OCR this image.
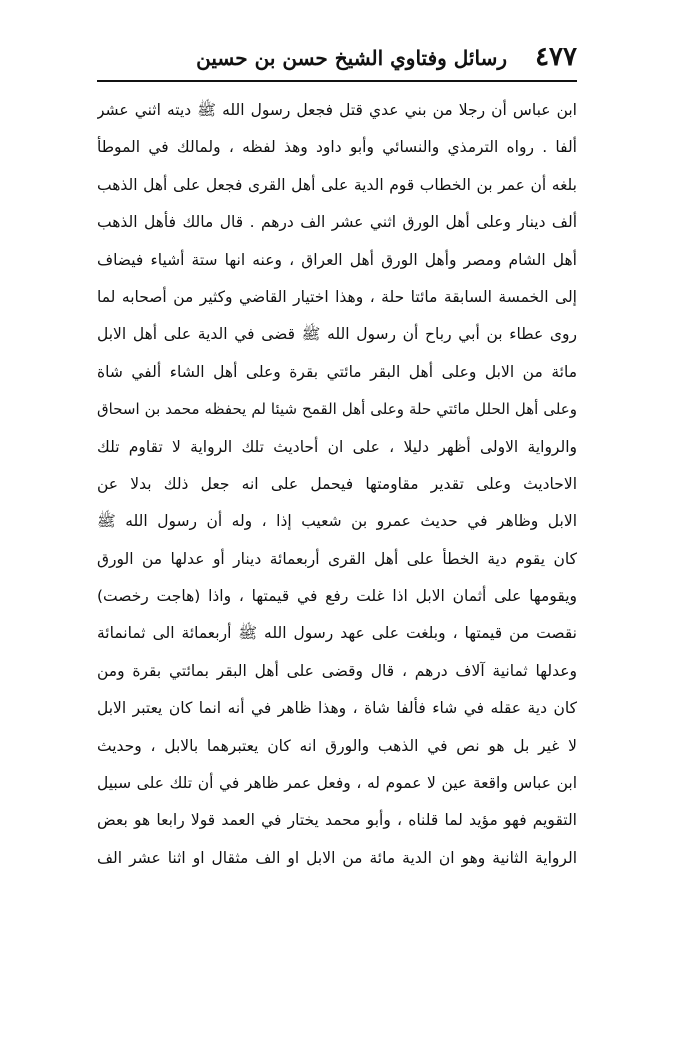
٤٧٧
رسائل وفتاوي الشيخ حسن بن حسين
ابن عباس أن رجلا من بني عدي قتل فجعل رسول الله ﷺ ديته اثني عشر
ألفا . رواه الترمذي والنسائي وأبو داود وهذ لفظه ، ولمالك في الموطأ
بلغه أن عمر بن الخطاب قوم الدية على أهل القرى فجعل على أهل الذهب
ألف دينار وعلى أهل الورق اثني عشر الف درهم . قال مالك فأهل الذهب
أهل الشام ومصر وأهل الورق أهل العراق ، وعنه انها ستة أشياء فيضاف
إلى الخمسة السابقة مائتا حلة ، وهذا اختيار القاضي وكثير من أصحابه لما
روى عطاء بن أبي رباح أن رسول الله ﷺ قضى في الدية على أهل الابل
مائة من الابل وعلى أهل البقر مائتي بقرة وعلى أهل الشاء ألفي شاة
وعلى أهل الحلل مائتي حلة وعلى أهل القمح شيئا لم يحفظه محمد بن اسحاق
والرواية الاولى أظهر دليلا ، على ان أحاديث تلك الرواية لا تقاوم تلك
الاحاديث وعلى تقدير مقاومتها فيحمل على انه جعل ذلك بدلا عن
الابل وظاهر في حديث عمرو بن شعيب إذا ، وله أن رسول الله ﷺ
كان يقوم دية الخطأ على أهل القرى أربعمائة دينار أو عدلها من الورق
ويقومها على أثمان الابل اذا غلت رفع في قيمتها ، واذا (هاجت رخصت)
نقصت من قيمتها ، وبلغت على عهد رسول الله ﷺ أربعمائة الى ثمانمائة
وعدلها ثمانية آلاف درهم ، قال وقضى على أهل البقر بمائتي بقرة ومن
كان دية عقله في شاء فألفا شاة ، وهذا ظاهر في أنه انما كان يعتبر الابل
لا غير بل هو نص في الذهب والورق انه كان يعتبرهما بالابل ، وحديث
ابن عباس واقعة عين لا عموم له ، وفعل عمر ظاهر في أن تلك على سبيل
التقويم فهو مؤيد لما قلناه ، وأبو محمد يختار في العمد قولا رابعا هو بعض
الرواية الثانية وهو ان الدية مائة من الابل او الف مثقال او اثنا عشر الف
